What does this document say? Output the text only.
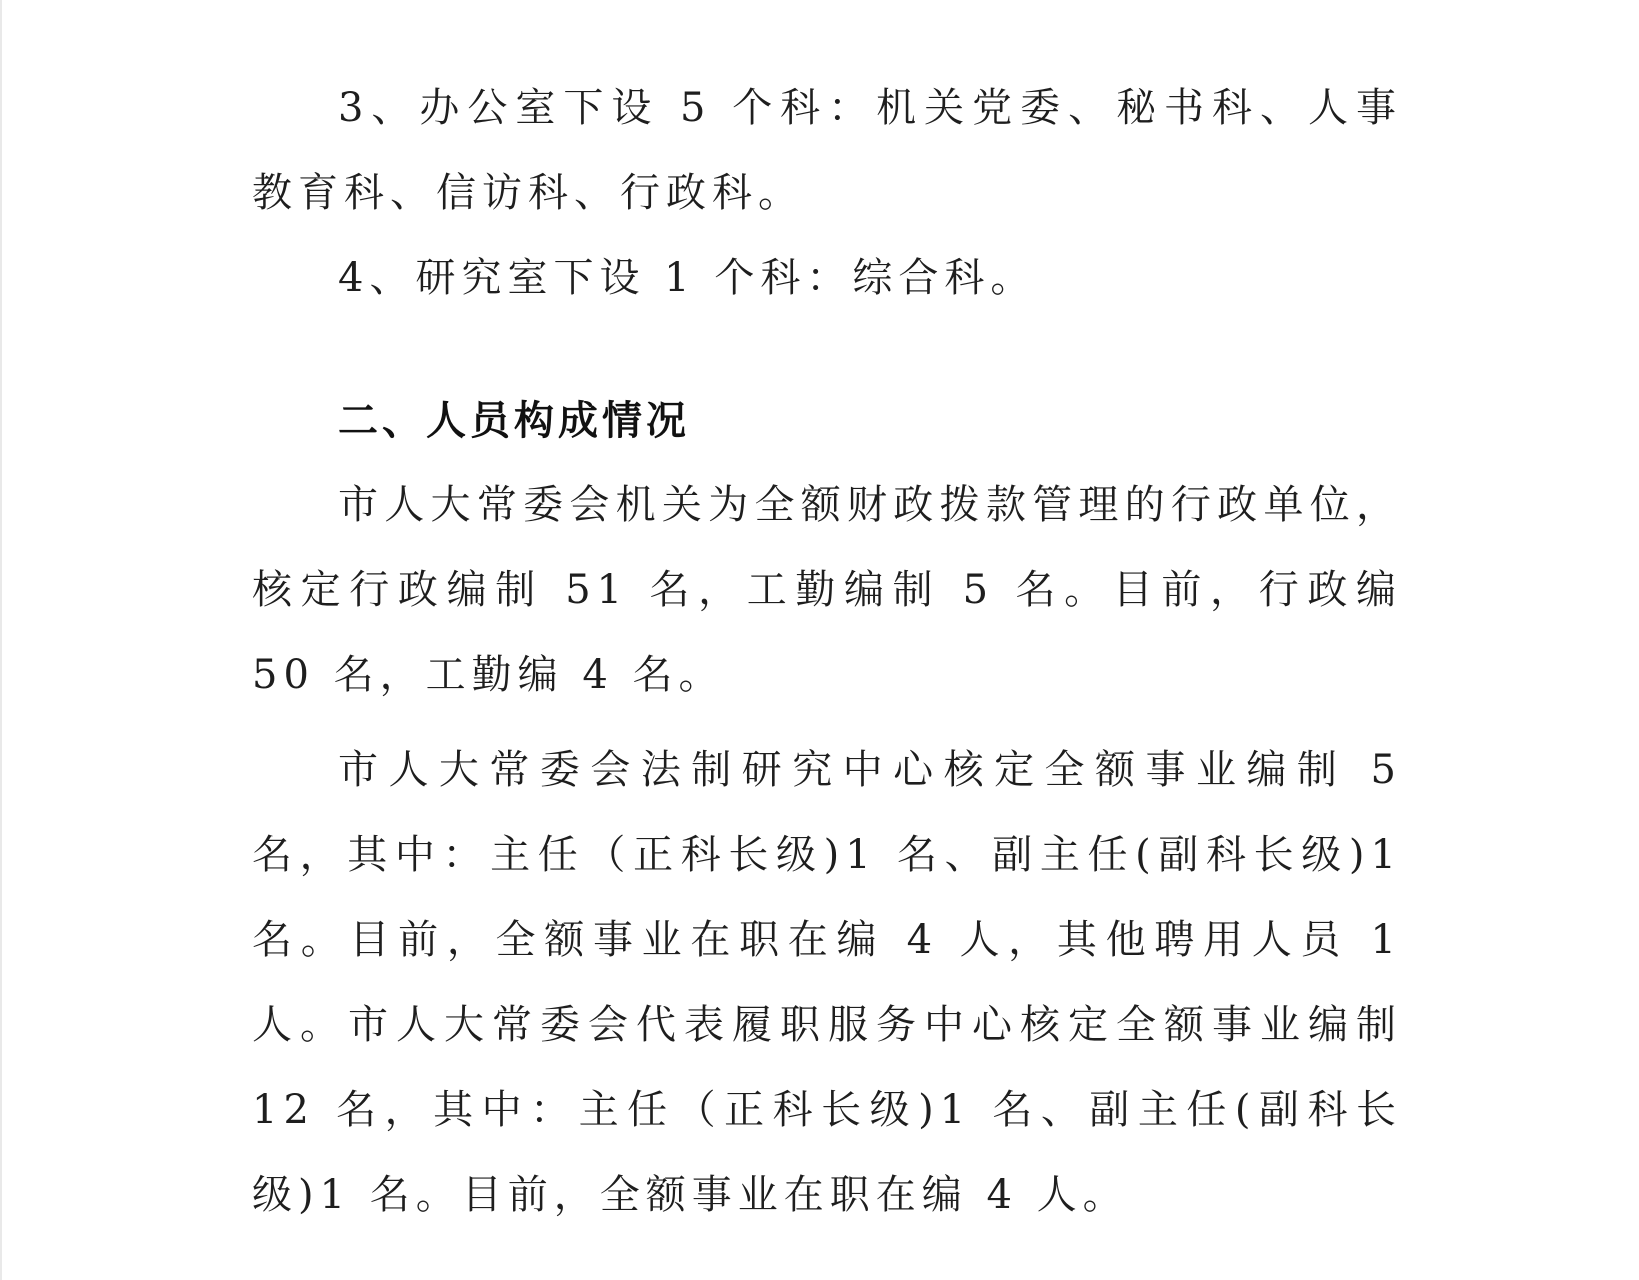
3、办公室下设 5 个科：机关党委、秘书科、人事教育科、信访科、行政科。

4、研究室下设 1 个科：综合科。

二、人员构成情况

市人大常委会机关为全额财政拨款管理的行政单位，核定行政编制 51 名，工勤编制 5 名。目前，行政编 50 名，工勤编 4 名。

市人大常委会法制研究中心核定全额事业编制 5 名，其中：主任（正科长级)1 名、副主任(副科长级)1 名。目前，全额事业在职在编 4 人，其他聘用人员 1 人。市人大常委会代表履职服务中心核定全额事业编制 12 名，其中：主任（正科长级)1 名、副主任(副科长级)1 名。目前，全额事业在职在编 4 人。
